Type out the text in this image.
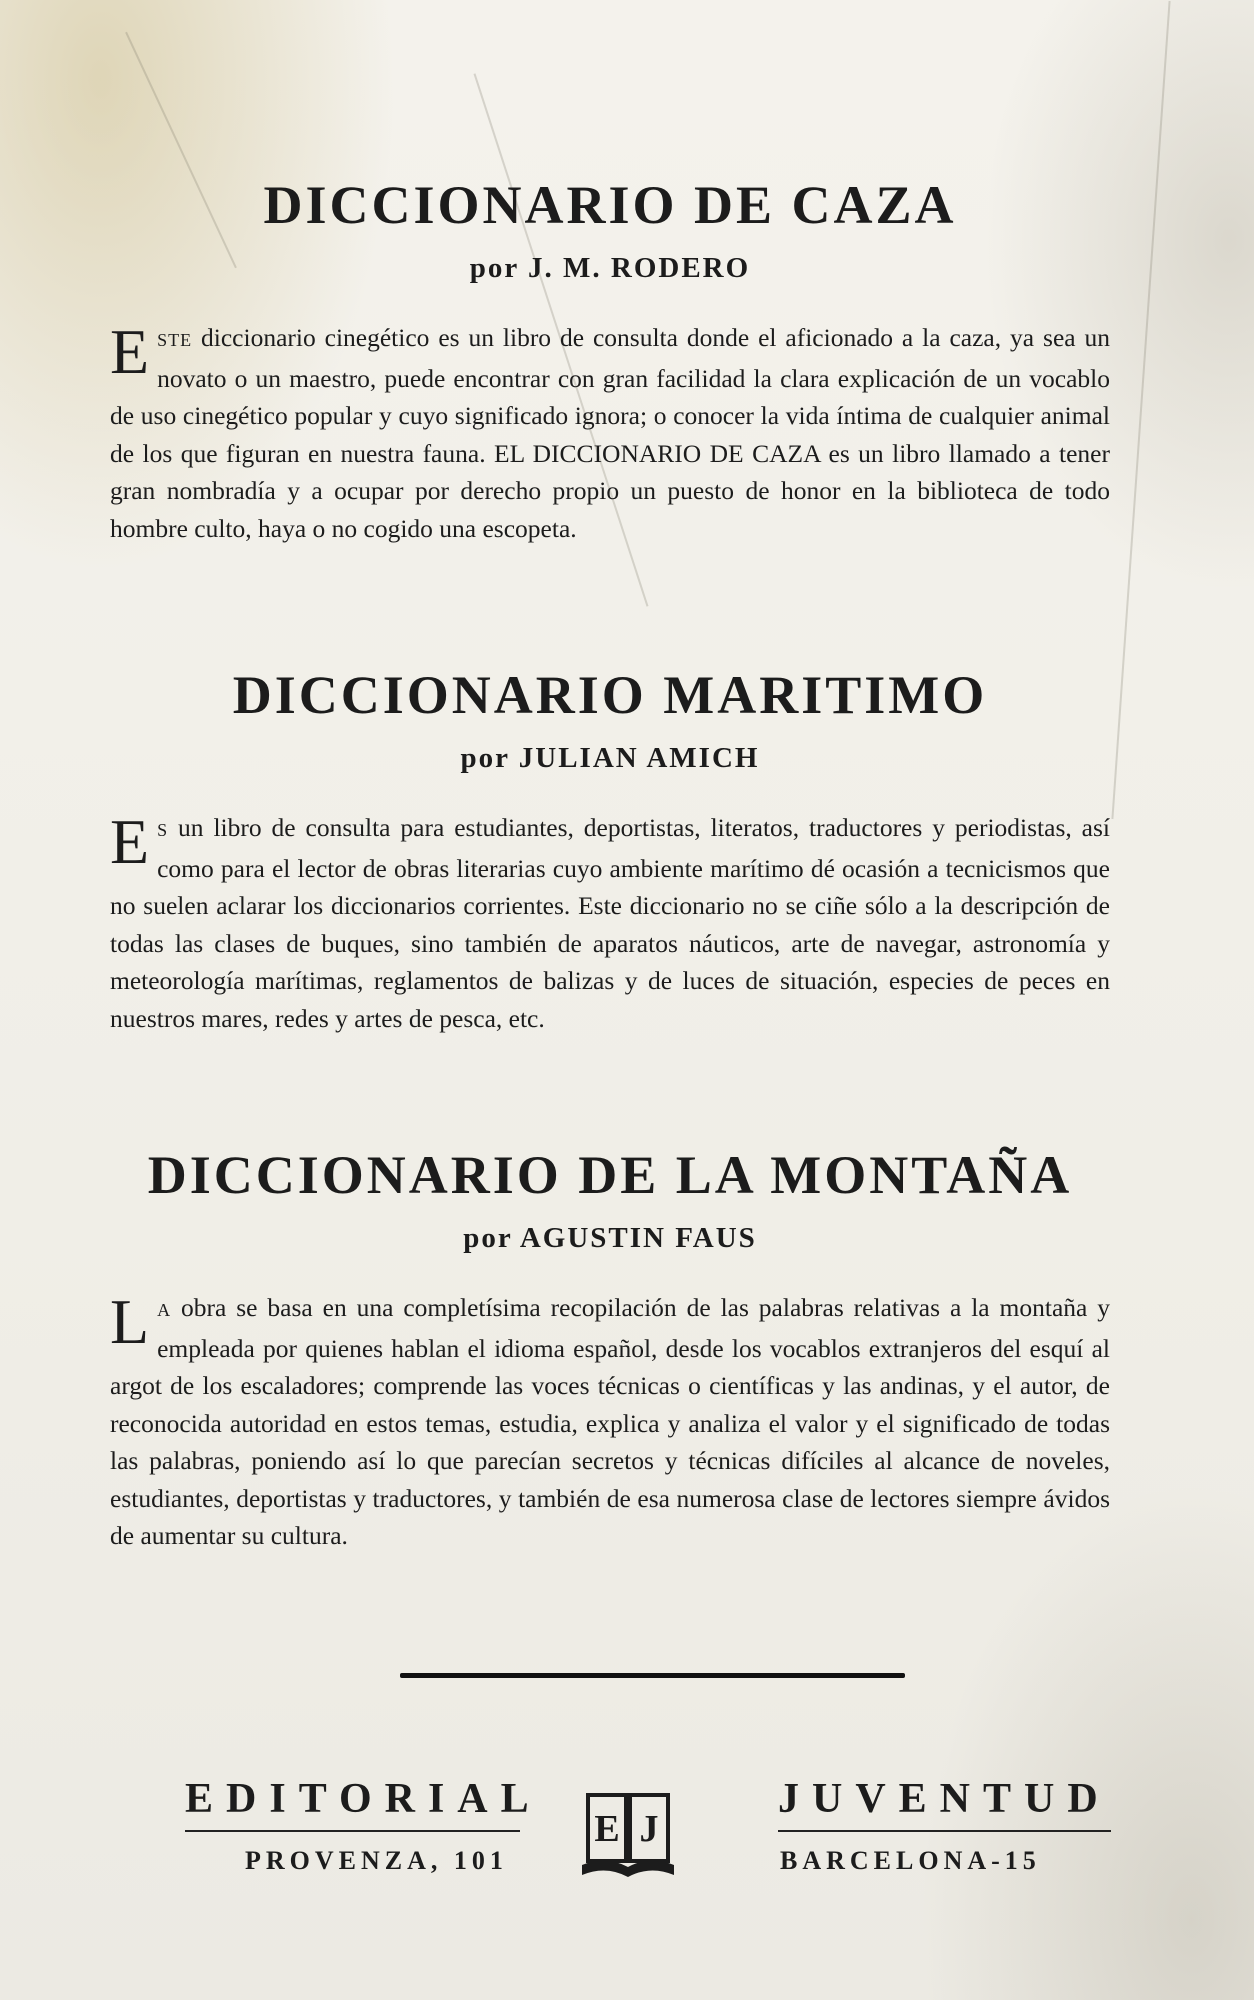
DICCIONARIO DE CAZA
por J. M. RODERO

ESTE diccionario cinegético es un libro de consulta donde el aficionado a la caza, ya sea un novato o un maestro, puede encontrar con gran facilidad la clara explicación de un vocablo de uso cinegético popular y cuyo significado ignora; o conocer la vida íntima de cualquier animal de los que figuran en nuestra fauna. EL DICCIONARIO DE CAZA es un libro llamado a tener gran nombradía y a ocupar por derecho propio un puesto de honor en la biblioteca de todo hombre culto, haya o no cogido una escopeta.

DICCIONARIO MARITIMO
por JULIAN AMICH

E S un libro de consulta para estudiantes, deportistas, literatos, traductores y periodistas, así como para el lector de obras literarias cuyo ambiente marítimo dé ocasión a tecnicismos que no suelen aclarar los diccionarios corrientes. Este diccionario no se ciñe sólo a la descripción de todas las clases de buques, sino también de aparatos náuticos, arte de navegar, astronomía y meteorología marítimas, reglamentos de balizas y de luces de situación, especies de peces en nuestros mares, redes y artes de pesca, etc.

DICCIONARIO DE LA MONTAÑA
por AGUSTIN FAUS

L A obra se basa en una completísima recopilación de las palabras relativas a la montaña y empleada por quienes hablan el idioma español, desde los vocablos extranjeros del esquí al argot de los escaladores; comprende las voces técnicas o científicas y las andinas, y el autor, de reconocida autoridad en estos temas, estudia, explica y analiza el valor y el significado de todas las palabras, poniendo así lo que parecían secretos y técnicas difíciles al alcance de noveles, estudiantes, deportistas y traductores, y también de esa numerosa clase de lectores siempre ávidos de aumentar su cultura.

EDITORIAL
PROVENZA, 101
E J
JUVENTUD
BARCELONA-15
